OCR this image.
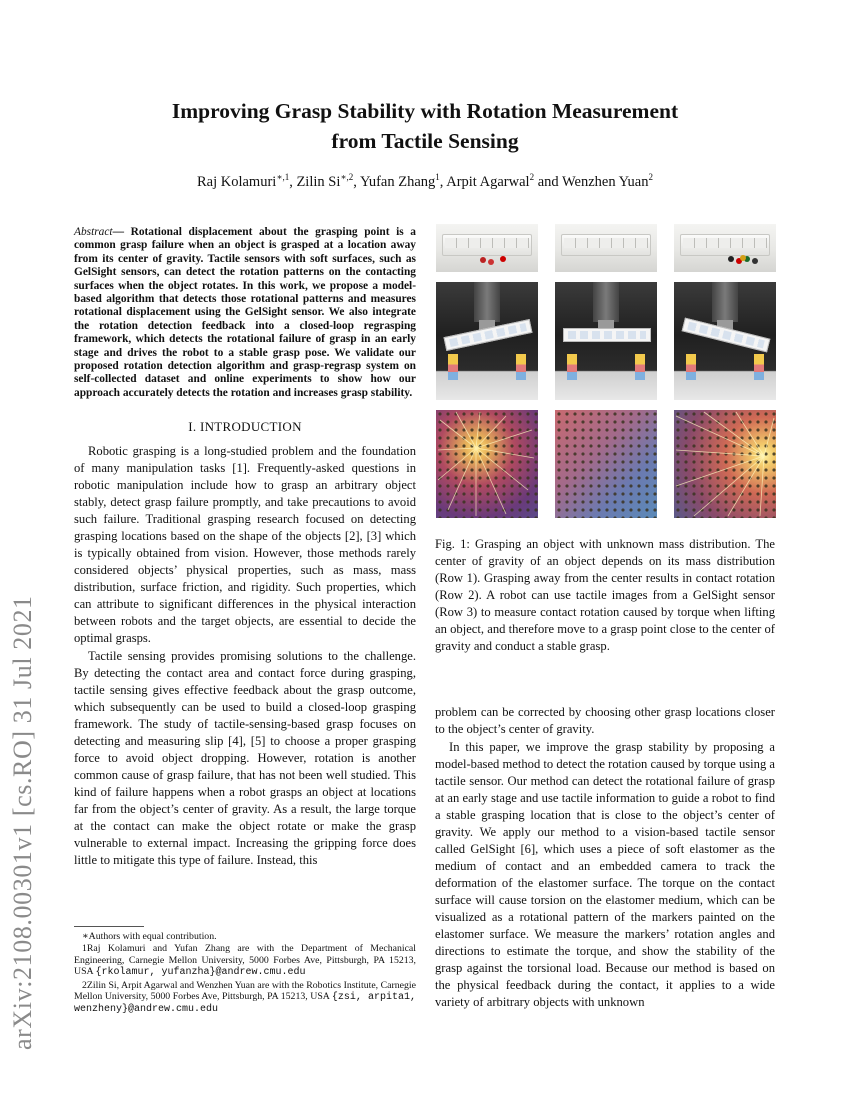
arXiv:2108.00301v1 [cs.RO] 31 Jul 2021
Improving Grasp Stability with Rotation Measurement
from Tactile Sensing
Raj Kolamuri$^{∗,1}$, Zilin $Si^{∗,2}$, Yufan Zhang$^1$, Arpit Agarwal$^2$ and Wenzhen Yuan$^2$
Abstract— Rotational displacement about the grasping point is a common grasp failure when an object is grasped at a location away from its center of gravity. Tactile sensors with soft surfaces, such as GelSight sensors, can detect the rotation patterns on the contacting surfaces when the object rotates. In this work, we propose a model-based algorithm that detects those rotational patterns and measures rotational displacement using the GelSight sensor. We also integrate the rotation detection feedback into a closed-loop regrasping framework, which detects the rotational failure of grasp in an early stage and drives the robot to a stable grasp pose. We validate our proposed rotation detection algorithm and grasp-regrasp system on self-collected dataset and online experiments to show how our approach accurately detects the rotation and increases grasp stability.
I. INTRODUCTION

Robotic grasping is a long-studied problem and the foundation of many manipulation tasks [1]. Frequently-asked questions in robotic manipulation include how to grasp an arbitrary object stably, detect grasp failure promptly, and take precautions to avoid such failure. Traditional grasping research focused on detecting grasping locations based on the shape of the objects [2], [3] which is typically obtained from vision. However, those methods rarely considered objects’ physical properties, such as mass, mass distribution, surface friction, and rigidity. Such properties, which can attribute to significant differences in the physical interaction between robots and the target objects, are essential to decide the optimal grasps.

Tactile sensing provides promising solutions to the challenge. By detecting the contact area and contact force during grasping, tactile sensing gives effective feedback about the grasp outcome, which subsequently can be used to build a closed-loop grasping framework. The study of tactile-sensing-based grasp focuses on detecting and measuring slip [4], [5] to choose a proper grasping force to avoid object dropping. However, rotation is another common cause of grasp failure, that has not been well studied. This kind of failure happens when a robot grasps an object at locations far from the object’s center of gravity. As a result, the large torque at the contact can make the object rotate or make the grasp vulnerable to external impact. Increasing the gripping force does little to mitigate this type of failure. Instead, this

∗Authors with equal contribution.

1Raj Kolamuri and Yufan Zhang are with the Department of Mechanical Engineering, Carnegie Mellon University, 5000 Forbes Ave, Pittsburgh, PA 15213, USA {rkolamur, yufanzha}@andrew.cmu.edu

2Zilin Si, Arpit Agarwal and Wenzhen Yuan are with the Robotics Institute, Carnegie Mellon University, 5000 Forbes Ave, Pittsburgh, PA 15213, USA {zsi, arpita1, wenzheny}@andrew.cmu.edu

Fig. 1: Grasping an object with unknown mass distribution. The center of gravity of an object depends on its mass distribution (Row 1). Grasping away from the center results in contact rotation (Row 2). A robot can use tactile images from a GelSight sensor (Row 3) to measure contact rotation caused by torque when lifting an object, and therefore move to a grasp point close to the center of gravity and conduct a stable grasp.

problem can be corrected by choosing other grasp locations closer to the object’s center of gravity.

In this paper, we improve the grasp stability by proposing a model-based method to detect the rotation caused by torque using a tactile sensor. Our method can detect the rotational failure of grasp at an early stage and use tactile information to guide a robot to find a stable grasping location that is close to the object’s center of gravity. We apply our method to a vision-based tactile sensor called GelSight [6], which uses a piece of soft elastomer as the medium of contact and an embedded camera to track the deformation of the elastomer surface. The torque on the contact surface will cause torsion on the elastomer medium, which can be visualized as a rotational pattern of the markers painted on the elastomer surface. We measure the markers’ rotation angles and directions to estimate the torque, and show the stability of the grasp against the torsional load. Because our method is based on the physical feedback during the contact, it applies to a wide variety of arbitrary objects with unknown
